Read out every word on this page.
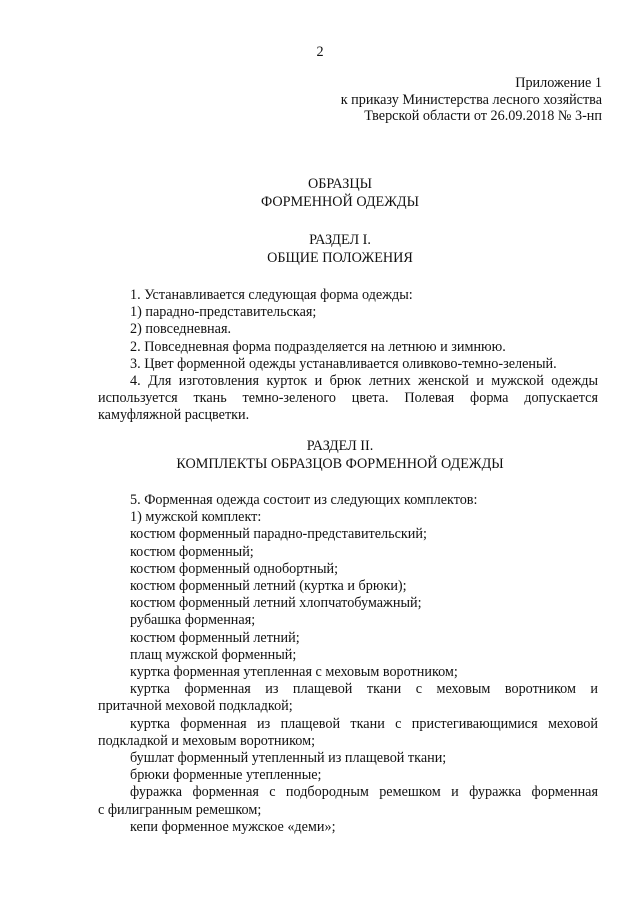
2
Приложение 1
к приказу Министерства лесного хозяйства
Тверской области от 26.09.2018 № 3-нп
ОБРАЗЦЫ
ФОРМЕННОЙ ОДЕЖДЫ
РАЗДЕЛ I.
ОБЩИЕ ПОЛОЖЕНИЯ

1. Устанавливается следующая форма одежды:

1) парадно-представительская;

2) повседневная.

2. Повседневная форма подразделяется на летнюю и зимнюю.

3. Цвет форменной одежды устанавливается оливково-темно-зеленый.

4. Для изготовления курток и брюк летних женской и мужской одежды

используется ткань темно-зеленого цвета. Полевая форма допускается

камуфляжной расцветки.

РАЗДЕЛ II.
КОМПЛЕКТЫ ОБРАЗЦОВ ФОРМЕННОЙ ОДЕЖДЫ

5. Форменная одежда состоит из следующих комплектов:

1) мужской комплект:

костюм форменный парадно-представительский;

костюм форменный;

костюм форменный однобортный;

костюм форменный летний (куртка и брюки);

костюм форменный летний хлопчатобумажный;

рубашка форменная;

костюм форменный летний;

плащ мужской форменный;

куртка форменная утепленная с меховым воротником;

куртка форменная из плащевой ткани с меховым воротником и

притачной меховой подкладкой;

куртка форменная из плащевой ткани с пристегивающимися меховой

подкладкой и меховым воротником;

бушлат форменный утепленный из плащевой ткани;

брюки форменные утепленные;

фуражка форменная с подбородным ремешком и фуражка форменная

с филигранным ремешком;

кепи форменное мужское «деми»;
